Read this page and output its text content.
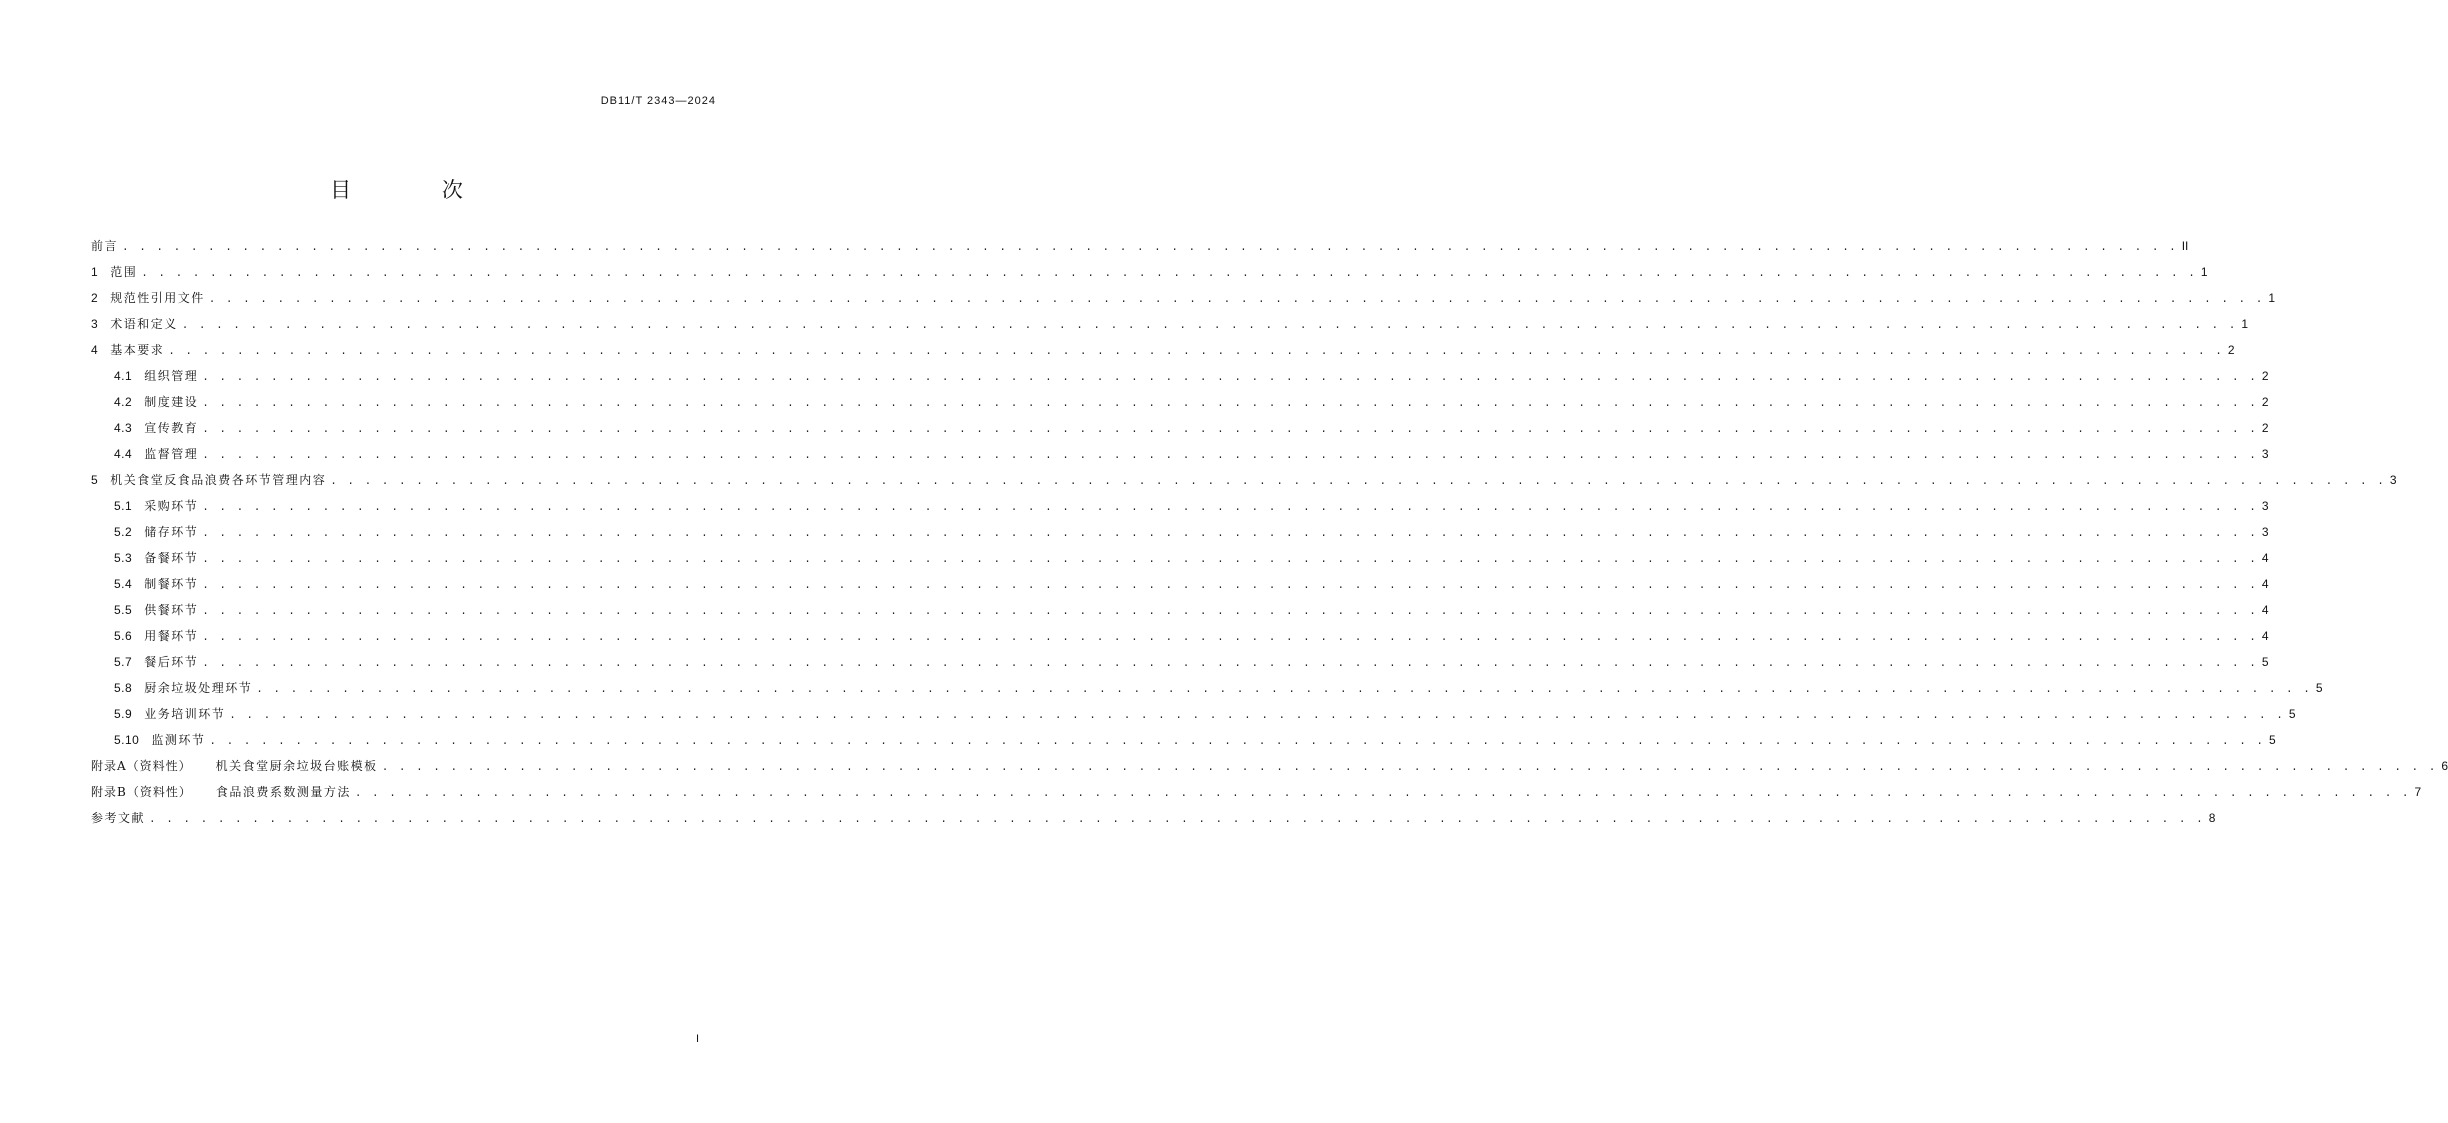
DB11/T 2343—2024
目 次
前言 . . . . . . . . . . . . . . . . . . . . . . . . . . . . . . . . . . . . . . . . . . . . . . . . . . . . . . . . . . . . . . . . . . . . . . . . . . . . . . . . . . . . . . . . . . . . . . . . . . . . . . . . . . . . . . . . . . . . . . . . II
1 范围 . . . . . . . . . . . . . . . . . . . . . . . . . . . . . . . . . . . . . . . . . . . . . . . . . . . . . . . . . . . . . . . . . . . . . . . . . . . . . . . . . . . . . . . . . . . . . . . . . . . . . . . . . . . . . . . . . . . . . . . . 1
2 规范性引用文件 . . . . . . . . . . . . . . . . . . . . . . . . . . . . . . . . . . . . . . . . . . . . . . . . . . . . . . . . . . . . . . . . . . . . . . . . . . . . . . . . . . . . . . . . . . . . . . . . . . . . . . . . . . . . . . . . . . . . . . . . 1
3 术语和定义 . . . . . . . . . . . . . . . . . . . . . . . . . . . . . . . . . . . . . . . . . . . . . . . . . . . . . . . . . . . . . . . . . . . . . . . . . . . . . . . . . . . . . . . . . . . . . . . . . . . . . . . . . . . . . . . . . . . . . . . . 1
4 基本要求 . . . . . . . . . . . . . . . . . . . . . . . . . . . . . . . . . . . . . . . . . . . . . . . . . . . . . . . . . . . . . . . . . . . . . . . . . . . . . . . . . . . . . . . . . . . . . . . . . . . . . . . . . . . . . . . . . . . . . . . . 2
4.1 组织管理 . . . . . . . . . . . . . . . . . . . . . . . . . . . . . . . . . . . . . . . . . . . . . . . . . . . . . . . . . . . . . . . . . . . . . . . . . . . . . . . . . . . . . . . . . . . . . . . . . . . . . . . . . . . . . . . . . . . . . . . . 2
4.2 制度建设 . . . . . . . . . . . . . . . . . . . . . . . . . . . . . . . . . . . . . . . . . . . . . . . . . . . . . . . . . . . . . . . . . . . . . . . . . . . . . . . . . . . . . . . . . . . . . . . . . . . . . . . . . . . . . . . . . . . . . . . . 2
4.3 宣传教育 . . . . . . . . . . . . . . . . . . . . . . . . . . . . . . . . . . . . . . . . . . . . . . . . . . . . . . . . . . . . . . . . . . . . . . . . . . . . . . . . . . . . . . . . . . . . . . . . . . . . . . . . . . . . . . . . . . . . . . . . 2
4.4 监督管理 . . . . . . . . . . . . . . . . . . . . . . . . . . . . . . . . . . . . . . . . . . . . . . . . . . . . . . . . . . . . . . . . . . . . . . . . . . . . . . . . . . . . . . . . . . . . . . . . . . . . . . . . . . . . . . . . . . . . . . . . 3
5 机关食堂反食品浪费各环节管理内容 . . . . . . . . . . . . . . . . . . . . . . . . . . . . . . . . . . . . . . . . . . . . . . . . . . . . . . . . . . . . . . . . . . . . . . . . . . . . . . . . . . . . . . . . . . . . . . . . . . . . . . . . . . . . . . . . . . . . . . . . 3
5.1 采购环节 . . . . . . . . . . . . . . . . . . . . . . . . . . . . . . . . . . . . . . . . . . . . . . . . . . . . . . . . . . . . . . . . . . . . . . . . . . . . . . . . . . . . . . . . . . . . . . . . . . . . . . . . . . . . . . . . . . . . . . . . 3
5.2 储存环节 . . . . . . . . . . . . . . . . . . . . . . . . . . . . . . . . . . . . . . . . . . . . . . . . . . . . . . . . . . . . . . . . . . . . . . . . . . . . . . . . . . . . . . . . . . . . . . . . . . . . . . . . . . . . . . . . . . . . . . . . 3
5.3 备餐环节 . . . . . . . . . . . . . . . . . . . . . . . . . . . . . . . . . . . . . . . . . . . . . . . . . . . . . . . . . . . . . . . . . . . . . . . . . . . . . . . . . . . . . . . . . . . . . . . . . . . . . . . . . . . . . . . . . . . . . . . . 4
5.4 制餐环节 . . . . . . . . . . . . . . . . . . . . . . . . . . . . . . . . . . . . . . . . . . . . . . . . . . . . . . . . . . . . . . . . . . . . . . . . . . . . . . . . . . . . . . . . . . . . . . . . . . . . . . . . . . . . . . . . . . . . . . . . 4
5.5 供餐环节 . . . . . . . . . . . . . . . . . . . . . . . . . . . . . . . . . . . . . . . . . . . . . . . . . . . . . . . . . . . . . . . . . . . . . . . . . . . . . . . . . . . . . . . . . . . . . . . . . . . . . . . . . . . . . . . . . . . . . . . . 4
5.6 用餐环节 . . . . . . . . . . . . . . . . . . . . . . . . . . . . . . . . . . . . . . . . . . . . . . . . . . . . . . . . . . . . . . . . . . . . . . . . . . . . . . . . . . . . . . . . . . . . . . . . . . . . . . . . . . . . . . . . . . . . . . . . 4
5.7 餐后环节 . . . . . . . . . . . . . . . . . . . . . . . . . . . . . . . . . . . . . . . . . . . . . . . . . . . . . . . . . . . . . . . . . . . . . . . . . . . . . . . . . . . . . . . . . . . . . . . . . . . . . . . . . . . . . . . . . . . . . . . . 5
5.8 厨余垃圾处理环节 . . . . . . . . . . . . . . . . . . . . . . . . . . . . . . . . . . . . . . . . . . . . . . . . . . . . . . . . . . . . . . . . . . . . . . . . . . . . . . . . . . . . . . . . . . . . . . . . . . . . . . . . . . . . . . . . . . . . . . . . 5
5.9 业务培训环节 . . . . . . . . . . . . . . . . . . . . . . . . . . . . . . . . . . . . . . . . . . . . . . . . . . . . . . . . . . . . . . . . . . . . . . . . . . . . . . . . . . . . . . . . . . . . . . . . . . . . . . . . . . . . . . . . . . . . . . . . 5
5.10 监测环节 . . . . . . . . . . . . . . . . . . . . . . . . . . . . . . . . . . . . . . . . . . . . . . . . . . . . . . . . . . . . . . . . . . . . . . . . . . . . . . . . . . . . . . . . . . . . . . . . . . . . . . . . . . . . . . . . . . . . . . . . 5
附录A（资料性） 机关食堂厨余垃圾台账模板 . . . . . . . . . . . . . . . . . . . . . . . . . . . . . . . . . . . . . . . . . . . . . . . . . . . . . . . . . . . . . . . . . . . . . . . . . . . . . . . . . . . . . . . . . . . . . . . . . . . . . . . . . . . . . . . . . . . . . . . . 6
附录B（资料性） 食品浪费系数测量方法 . . . . . . . . . . . . . . . . . . . . . . . . . . . . . . . . . . . . . . . . . . . . . . . . . . . . . . . . . . . . . . . . . . . . . . . . . . . . . . . . . . . . . . . . . . . . . . . . . . . . . . . . . . . . . . . . . . . . . . . . 7
参考文献 . . . . . . . . . . . . . . . . . . . . . . . . . . . . . . . . . . . . . . . . . . . . . . . . . . . . . . . . . . . . . . . . . . . . . . . . . . . . . . . . . . . . . . . . . . . . . . . . . . . . . . . . . . . . . . . . . . . . . . . . 8
I
